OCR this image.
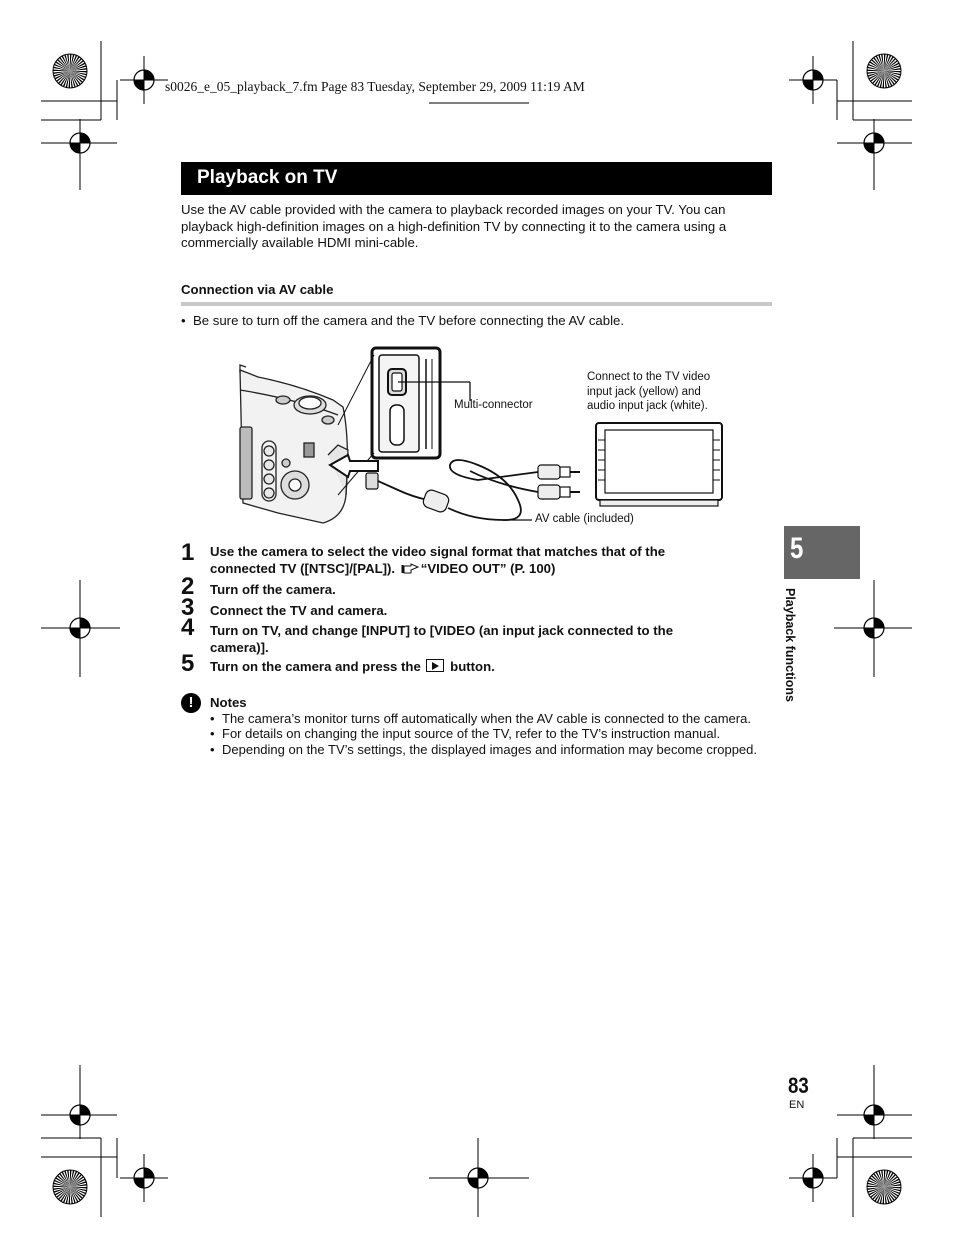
s0026_e_05_playback_7.fm Page 83 Tuesday, September 29, 2009 11:19 AM
Playback on TV
Use the AV cable provided with the camera to playback recorded images on your TV. You can playback high-definition images on a high-definition TV by connecting it to the camera using a commercially available HDMI mini-cable.
Connection via AV cable
•  Be sure to turn off the camera and the TV before connecting the AV cable.
Multi-connector
Connect to the TV video
input jack (yellow) and
audio input jack (white).
AV cable (included)
1 Use the camera to select the video signal format that matches that of the
connected TV ([NTSC]/[PAL]). “VIDEO OUT” (P. 100)
2 Turn off the camera.
3 Connect the TV and camera.
4 Turn on TV, and change [INPUT] to [VIDEO (an input jack connected to the
camera)].
5 Turn on the camera and press the button.
!	Notes
The camera’s monitor turns off automatically when the AV cable is connected to the camera.
For details on changing the input source of the TV, refer to the TV’s instruction manual.
Depending on the TV’s settings, the displayed images and information may become cropped.
5
Playback functions
83
EN
